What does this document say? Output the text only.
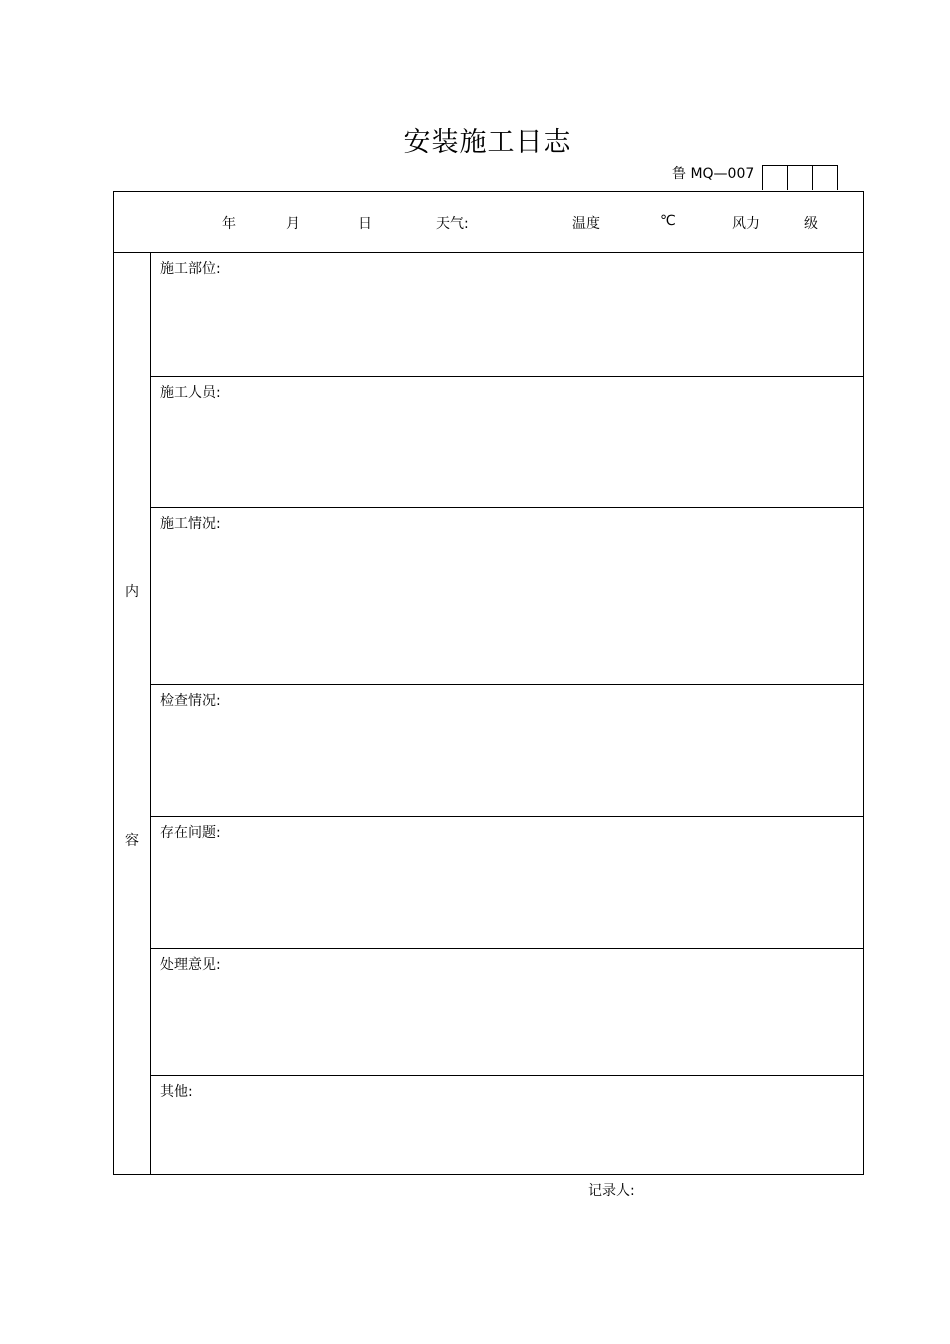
安装施工日志
鲁 MQ—007
年	月	日	天气:	温度	℃	风力	级
内
容
施工部位:
施工人员:
施工情况:
检查情况:
存在问题:
处理意见:
其他:
记录人:
